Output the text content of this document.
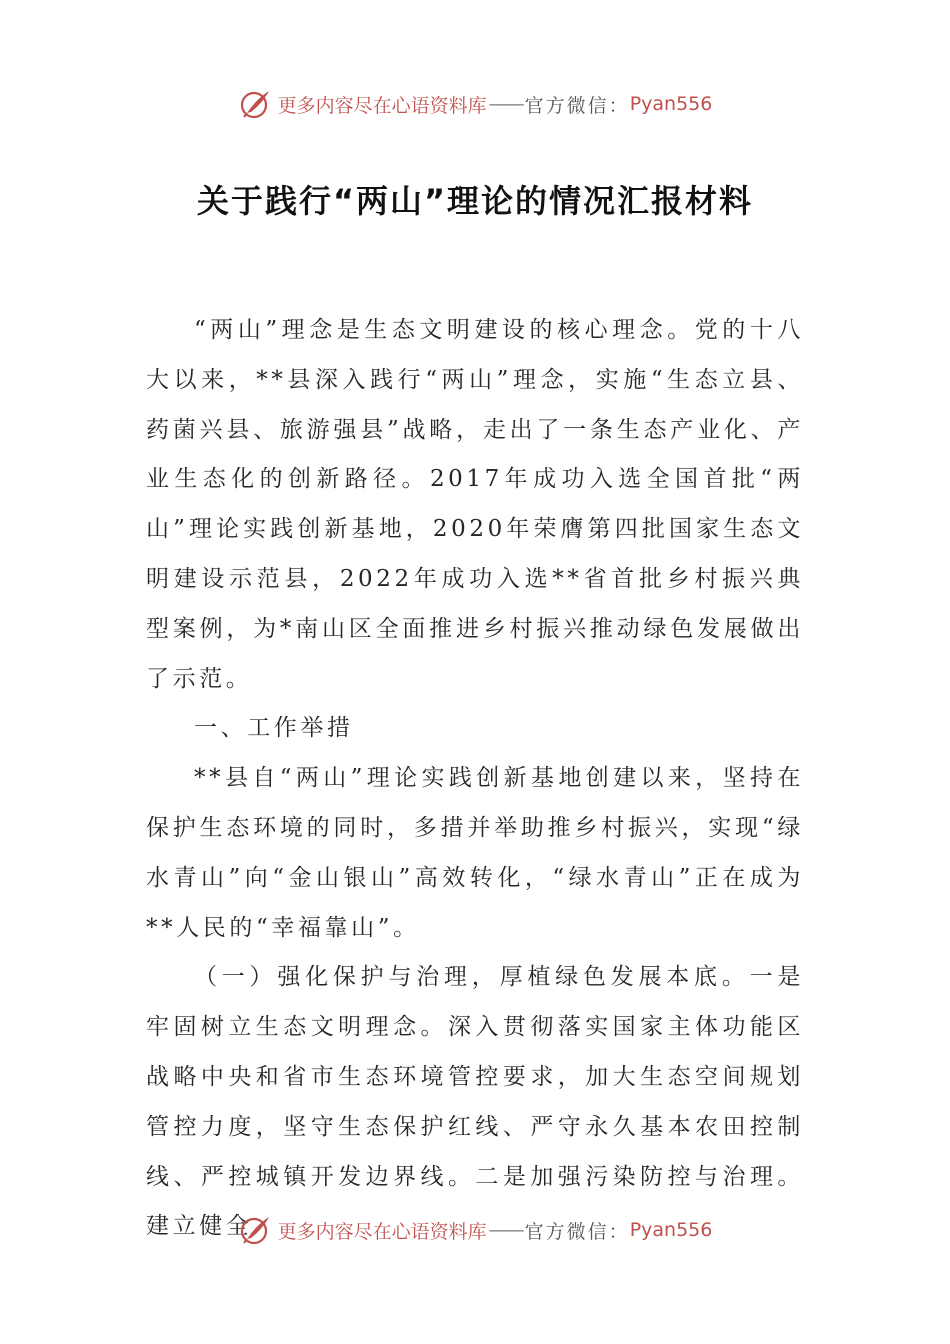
更多内容尽在心语资料库 —— 官方微信： Pyan556
关于践行“两山”理论的情况汇报材料

“两山”理念是生态文明建设的核心理念。党的十八大以来，**县深入践行“两山”理念，实施“生态立县、药菌兴县、旅游强县”战略，走出了一条生态产业化、产业生态化的创新路径。2017年成功入选全国首批“两山”理论实践创新基地，2020年荣膺第四批国家生态文明建设示范县，2022年成功入选**省首批乡村振兴典型案例，为*南山区全面推进乡村振兴推动绿色发展做出了示范。

一、工作举措

**县自“两山”理论实践创新基地创建以来，坚持在保护生态环境的同时，多措并举助推乡村振兴，实现“绿水青山”向“金山银山”高效转化，“绿水青山”正在成为**人民的“幸福靠山”。

（一）强化保护与治理，厚植绿色发展本底。一是牢固树立生态文明理念。深入贯彻落实国家主体功能区战略中央和省市生态环境管控要求，加大生态空间规划管控力度，坚守生态保护红线、严守永久基本农田控制线、严控城镇开发边界线。二是加强污染防控与治理。建立健全	更多内容尽在心语资料库 —— 官方微信： Pyan556
